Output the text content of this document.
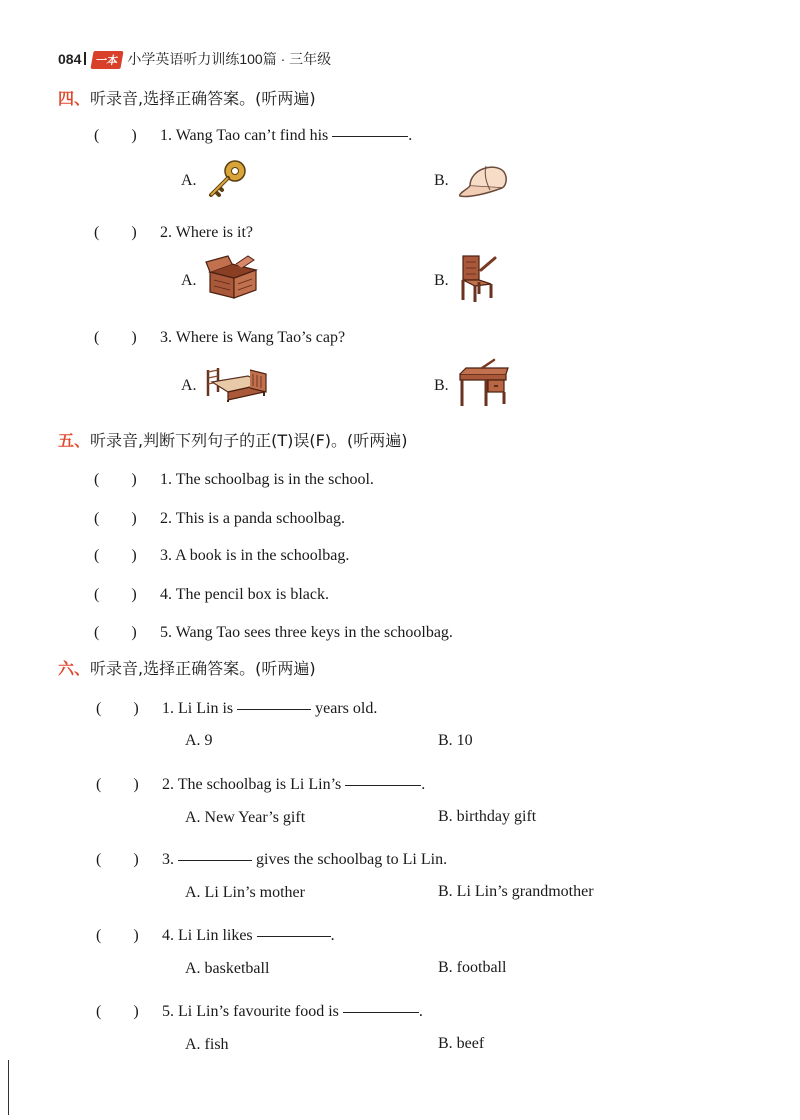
084 一本 小学英语听力训练100篇 · 三年级
四、听录音,选择正确答案。(听两遍)
(　　) 1. Wang Tao can’t find his	.
A.	B.
(　　) 2. Where is it?
A.	B.
(　　) 3. Where is Wang Tao’s cap?
A.	B.
五、听录音,判断下列句子的正(T)误(F)。(听两遍)
(　　) 1. The schoolbag is in the school.
(　　) 2. This is a panda schoolbag.
(　　) 3. A book is in the schoolbag.
(　　) 4. The pencil box is black.
(　　) 5. Wang Tao sees three keys in the schoolbag.
六、听录音,选择正确答案。(听两遍)
(　　) 1. Li Lin is	years old.
A. 9	B. 10
(　　) 2. The schoolbag is Li Lin’s	.
A. New Year’s gift	B. birthday gift
(　　) 3.	gives the schoolbag to Li Lin.
A. Li Lin’s mother	B. Li Lin’s grandmother
(　　) 4. Li Lin likes	.
A. basketball	B. football
(　　) 5. Li Lin’s favourite food is	.
A. fish	B. beef
